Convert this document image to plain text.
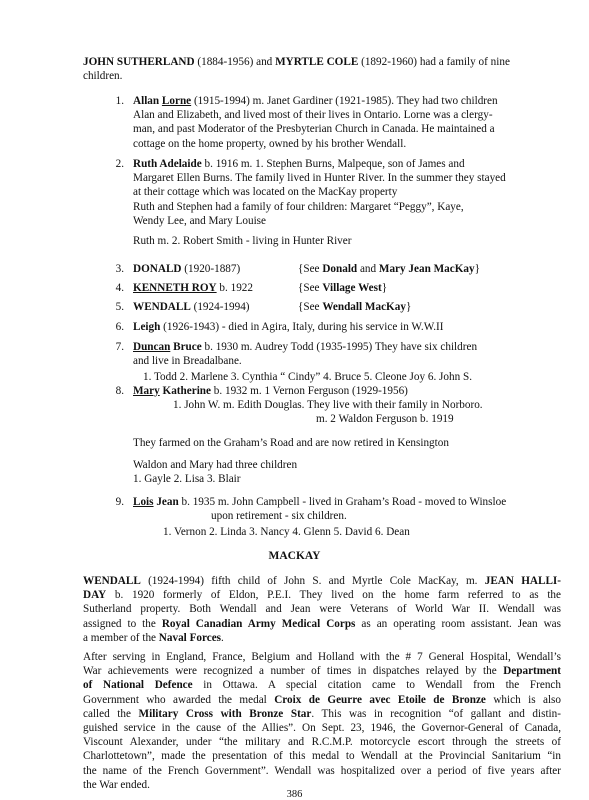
JOHN SUTHERLAND (1884-1956) and MYRTLE COLE (1892-1960) had a family of nine
children.
1. Allan Lorne (1915-1994) m. Janet Gardiner (1921-1985). They had two children
Alan and Elizabeth, and lived most of their lives in Ontario. Lorne was a clergy-
man, and past Moderator of the Presbyterian Church in Canada. He maintained a
cottage on the home property, owned by his brother Wendall.
2. Ruth Adelaide b. 1916 m. 1. Stephen Burns, Malpeque, son of James and
Margaret Ellen Burns. The family lived in Hunter River. In the summer they stayed
at their cottage which was located on the MacKay property
Ruth and Stephen had a family of four children: Margaret “Peggy”, Kaye,
Wendy Lee, and Mary Louise
Ruth m. 2. Robert Smith - living in Hunter River
3. DONALD (1920-1887)	{See Donald and Mary Jean MacKay}
4. KENNETH ROY b. 1922	{See Village West}
5. WENDALL (1924-1994)	{See Wendall MacKay}
6. Leigh (1926-1943) - died in Agira, Italy, during his service in W.W.II
7. Duncan Bruce b. 1930 m. Audrey Todd (1935-1995) They have six children
and live in Breadalbane.
1. Todd 2. Marlene 3. Cynthia “ Cindy” 4. Bruce 5. Cleone Joy 6. John S.
8. Mary Katherine b. 1932 m. 1 Vernon Ferguson (1929-1956)
1. John W. m. Edith Douglas. They live with their family in Norboro.
m. 2 Waldon Ferguson b. 1919
They farmed on the Graham’s Road and are now retired in Kensington
Waldon and Mary had three children
1. Gayle 2. Lisa 3. Blair
9. Lois Jean b. 1935 m. John Campbell - lived in Graham’s Road - moved to Winsloe
upon retirement - six children.
1. Vernon 2. Linda 3. Nancy 4. Glenn 5. David 6. Dean
MACKAY
WENDALL (1924-1994) fifth child of John S. and Myrtle Cole MacKay, m. JEAN HALLI-
DAY b. 1920 formerly of Eldon, P.E.I. They lived on the home farm referred to as the
Sutherland property. Both Wendall and Jean were Veterans of World War II. Wendall was
assigned to the Royal Canadian Army Medical Corps as an operating room assistant. Jean was
a member of the Naval Forces.
After serving in England, France, Belgium and Holland with the # 7 General Hospital, Wendall’s
War achievements were recognized a number of times in dispatches relayed by the Department
of National Defence in Ottawa. A special citation came to Wendall from the French
Government who awarded the medal Croix de Geurre avec Etoile de Bronze which is also
called the Military Cross with Bronze Star. This was in recognition “of gallant and distin-
guished service in the cause of the Allies”. On Sept. 23, 1946, the Governor-General of Canada,
Viscount Alexander, under “the military and R.C.M.P. motorcycle escort through the streets of
Charlottetown”, made the presentation of this medal to Wendall at the Provincial Sanitarium “in
the name of the French Government”. Wendall was hospitalized over a period of five years after
the War ended.
386
